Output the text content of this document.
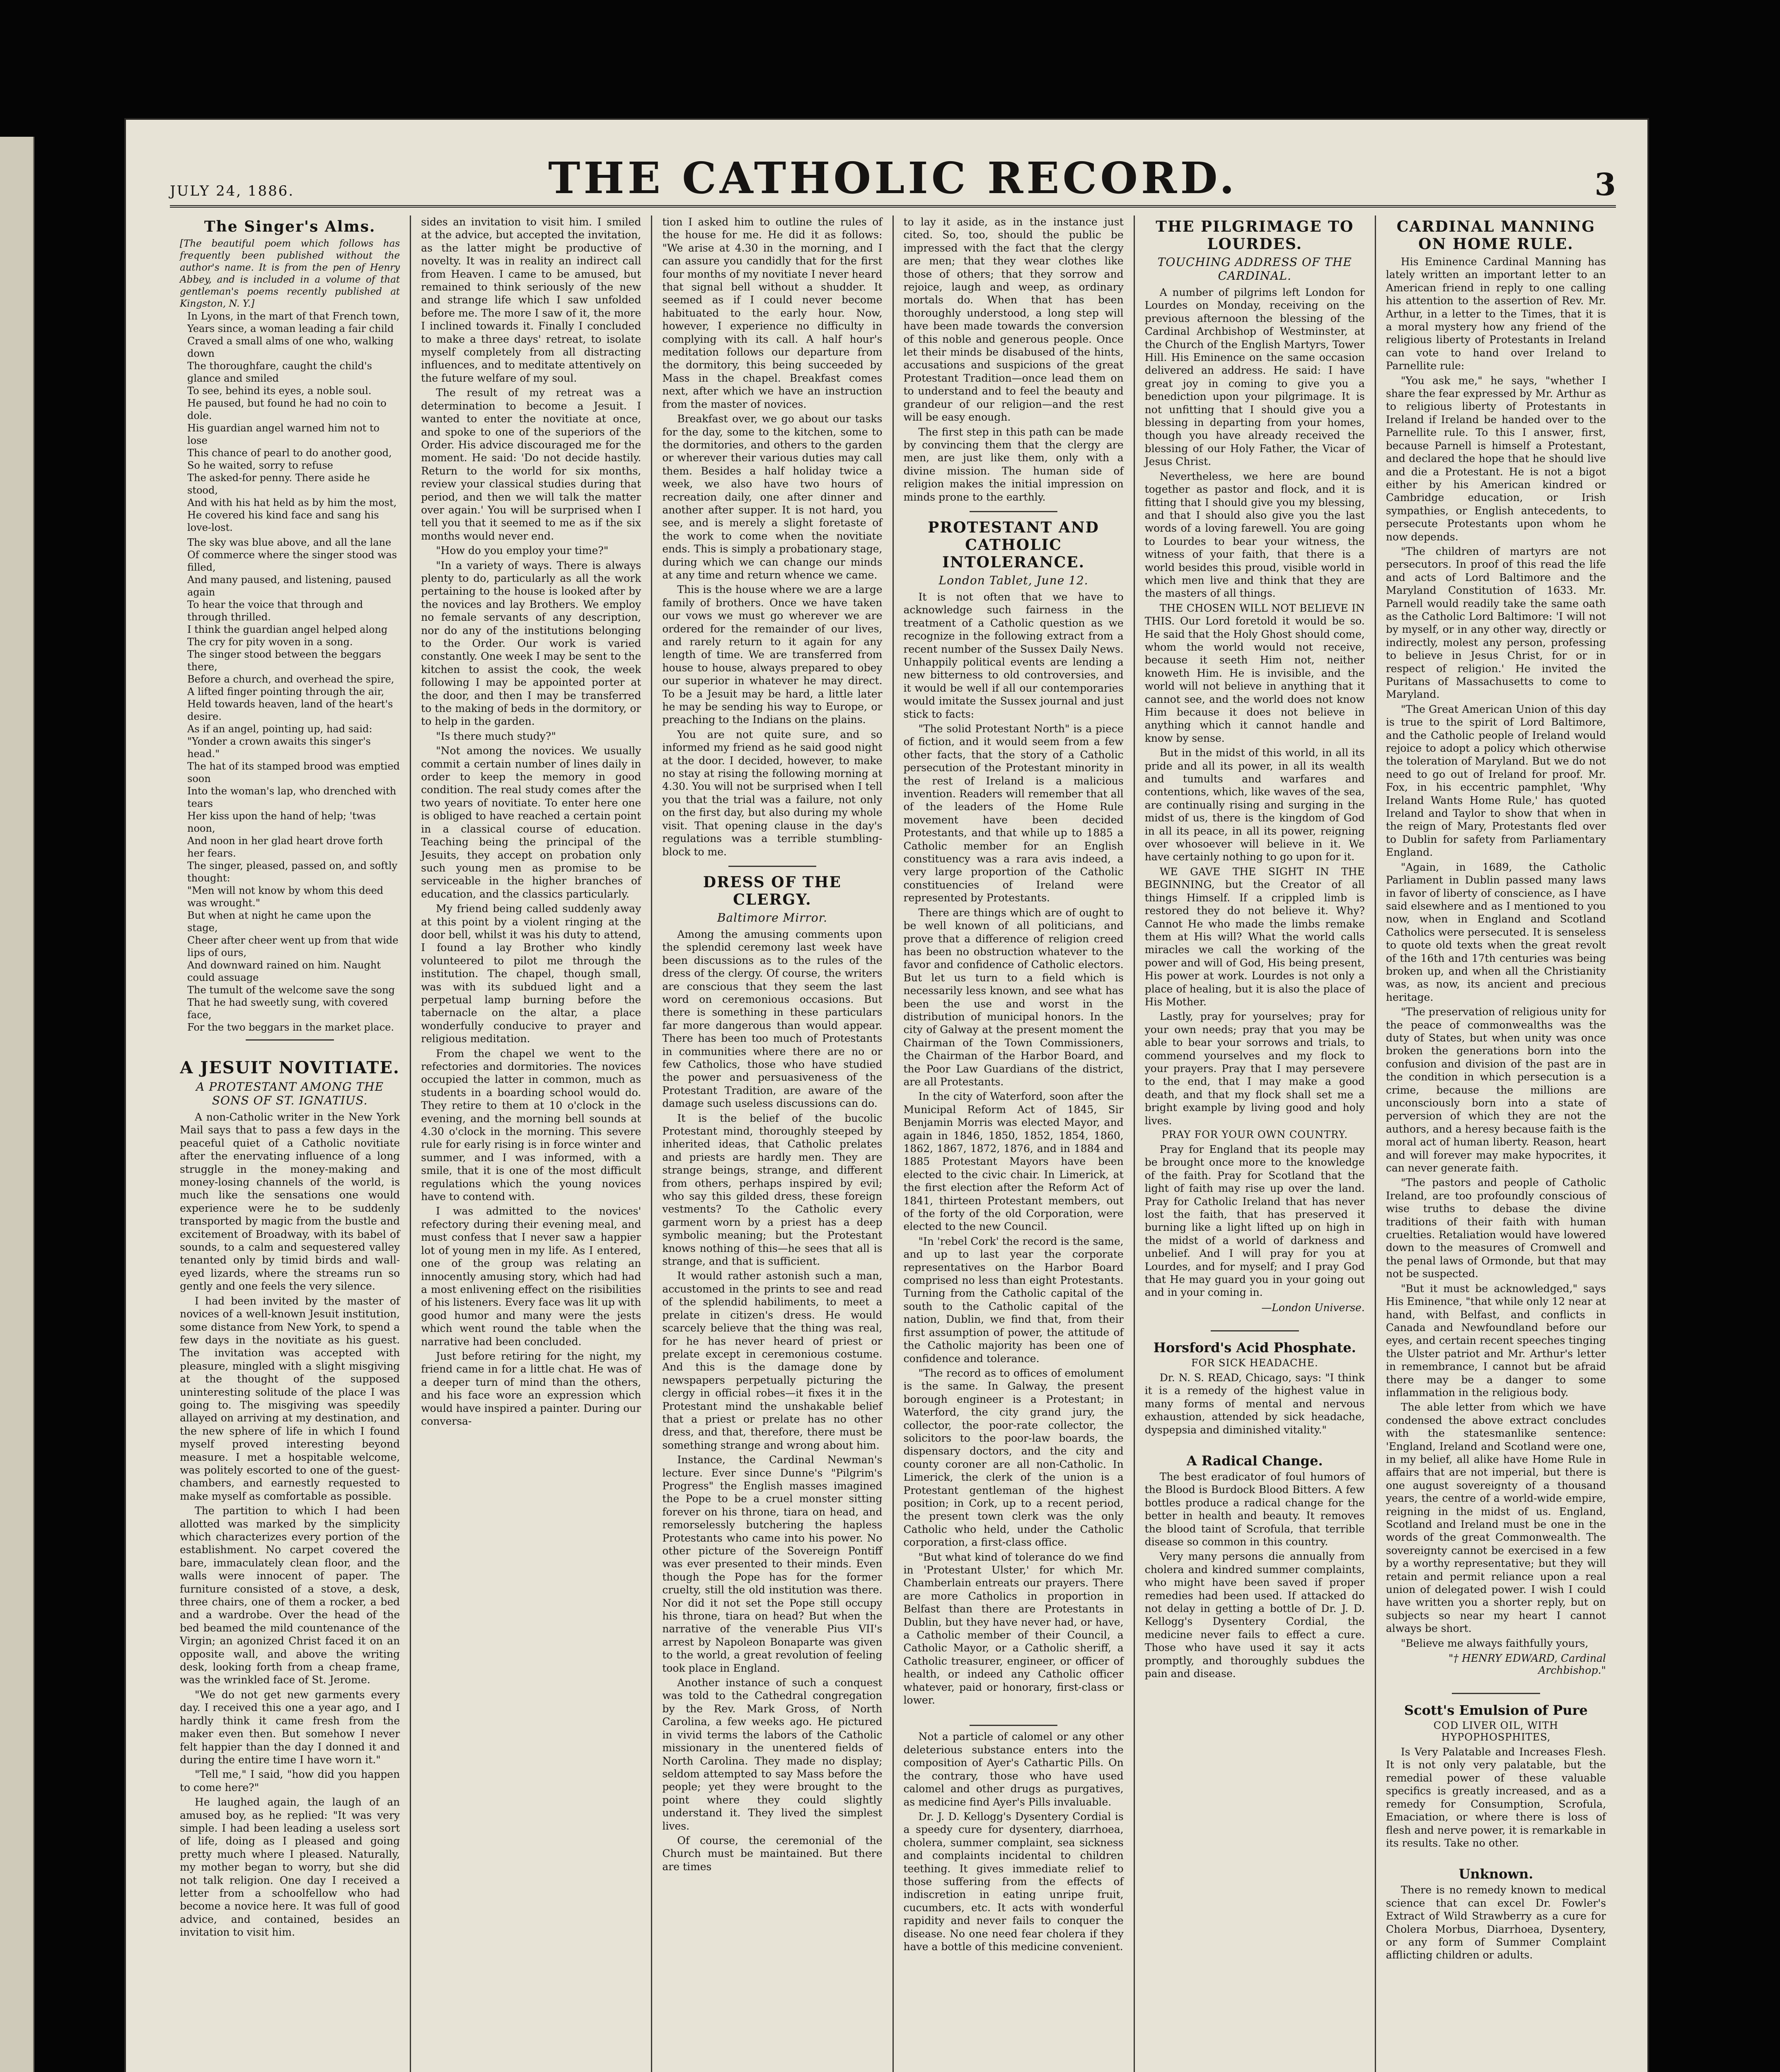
JULY 24, 1886.	THE CATHOLIC RECORD.	3
The Singer's Alms.
[The beautiful poem which follows has frequently been published without the author's name. It is from the pen of Henry Abbey, and is included in a volume of that gentleman's poems recently published at Kingston, N. Y.]
In Lyons, in the mart of that French town,
Years since, a woman leading a fair child
Craved a small alms of one who, walking down
The thoroughfare, caught the child's glance and smiled
To see, behind its eyes, a noble soul.
He paused, but found he had no coin to dole.
His guardian angel warned him not to lose
This chance of pearl to do another good,
So he waited, sorry to refuse
The asked-for penny. There aside he stood,
And with his hat held as by him the most,
He covered his kind face and sang his love-lost.
The sky was blue above, and all the lane
Of commerce where the singer stood was filled,
And many paused, and listening, paused again
To hear the voice that through and through thrilled.
I think the guardian angel helped along
The cry for pity woven in a song.
The singer stood between the beggars there,
Before a church, and overhead the spire,
A lifted finger pointing through the air,
Held towards heaven, land of the heart's desire.
As if an angel, pointing up, had said:
"Yonder a crown awaits this singer's head."
The hat of its stamped brood was emptied soon
Into the woman's lap, who drenched with tears
Her kiss upon the hand of help; 'twas noon,
And noon in her glad heart drove forth her fears.
The singer, pleased, passed on, and softly thought:
"Men will not know by whom this deed was wrought."
But when at night he came upon the stage,
Cheer after cheer went up from that wide lips of ours,
And downward rained on him. Naught could assuage
The tumult of the welcome save the song
That he had sweetly sung, with covered face,
For the two beggars in the market place.
A JESUIT NOVITIATE.
A PROTESTANT AMONG THE SONS OF ST. IGNATIUS.

A non-Catholic writer in the New York Mail says that to pass a few days in the peaceful quiet of a Catholic novitiate after the enervating influence of a long struggle in the money-making and money-losing channels of the world, is much like the sensations one would experience were he to be suddenly transported by magic from the bustle and excitement of Broadway, with its babel of sounds, to a calm and sequestered valley tenanted only by timid birds and wall-eyed lizards, where the streams run so gently and one feels the very silence.

I had been invited by the master of novices of a well-known Jesuit institution, some distance from New York, to spend a few days in the novitiate as his guest. The invitation was accepted with pleasure, mingled with a slight misgiving at the thought of the supposed uninteresting solitude of the place I was going to. The misgiving was speedily allayed on arriving at my destination, and the new sphere of life in which I found myself proved interesting beyond measure. I met a hospitable welcome, was politely escorted to one of the guest-chambers, and earnestly requested to make myself as comfortable as possible.

The partition to which I had been allotted was marked by the simplicity which characterizes every portion of the establishment. No carpet covered the bare, immaculately clean floor, and the walls were innocent of paper. The furniture consisted of a stove, a desk, three chairs, one of them a rocker, a bed and a wardrobe. Over the head of the bed beamed the mild countenance of the Virgin; an agonized Christ faced it on an opposite wall, and above the writing desk, looking forth from a cheap frame, was the wrinkled face of St. Jerome.

"We do not get new garments every day. I received this one a year ago, and I hardly think it came fresh from the maker even then. But somehow I never felt happier than the day I donned it and during the entire time I have worn it."

"Tell me," I said, "how did you happen to come here?"

He laughed again, the laugh of an amused boy, as he replied: "It was very simple. I had been leading a useless sort of life, doing as I pleased and going pretty much where I pleased. Naturally, my mother began to worry, but she did not talk religion. One day I received a letter from a schoolfellow who had become a novice here. It was full of good advice, and contained, besides an invitation to visit him.

sides an invitation to visit him. I smiled at the advice, but accepted the invitation, as the latter might be productive of novelty. It was in reality an indirect call from Heaven. I came to be amused, but remained to think seriously of the new and strange life which I saw unfolded before me. The more I saw of it, the more I inclined towards it. Finally I concluded to make a three days' retreat, to isolate myself completely from all distracting influences, and to meditate attentively on the future welfare of my soul.

The result of my retreat was a determination to become a Jesuit. I wanted to enter the novitiate at once, and spoke to one of the superiors of the Order. His advice discouraged me for the moment. He said: 'Do not decide hastily. Return to the world for six months, review your classical studies during that period, and then we will talk the matter over again.' You will be surprised when I tell you that it seemed to me as if the six months would never end.

"How do you employ your time?"

"In a variety of ways. There is always plenty to do, particularly as all the work pertaining to the house is looked after by the novices and lay Brothers. We employ no female servants of any description, nor do any of the institutions belonging to the Order. Our work is varied constantly. One week I may be sent to the kitchen to assist the cook, the week following I may be appointed porter at the door, and then I may be transferred to the making of beds in the dormitory, or to help in the garden.

"Is there much study?"

"Not among the novices. We usually commit a certain number of lines daily in order to keep the memory in good condition. The real study comes after the two years of novitiate. To enter here one is obliged to have reached a certain point in a classical course of education. Teaching being the principal of the Jesuits, they accept on probation only such young men as promise to be serviceable in the higher branches of education, and the classics particularly.

My friend being called suddenly away at this point by a violent ringing at the door bell, whilst it was his duty to attend, I found a lay Brother who kindly volunteered to pilot me through the institution. The chapel, though small, was with its subdued light and a perpetual lamp burning before the tabernacle on the altar, a place wonderfully conducive to prayer and religious meditation.

From the chapel we went to the refectories and dormitories. The novices occupied the latter in common, much as students in a boarding school would do. They retire to them at 10 o'clock in the evening, and the morning bell sounds at 4.30 o'clock in the morning. This severe rule for early rising is in force winter and summer, and I was informed, with a smile, that it is one of the most difficult regulations which the young novices have to contend with.

I was admitted to the novices' refectory during their evening meal, and must confess that I never saw a happier lot of young men in my life. As I entered, one of the group was relating an innocently amusing story, which had had a most enlivening effect on the risibilities of his listeners. Every face was lit up with good humor and many were the jests which went round the table when the narrative had been concluded.

Just before retiring for the night, my friend came in for a little chat. He was of a deeper turn of mind than the others, and his face wore an expression which would have inspired a painter. During our conversa-

tion I asked him to outline the rules of the house for me. He did it as follows: "We arise at 4.30 in the morning, and I can assure you candidly that for the first four months of my novitiate I never heard that signal bell without a shudder. It seemed as if I could never become habituated to the early hour. Now, however, I experience no difficulty in complying with its call. A half hour's meditation follows our departure from the dormitory, this being succeeded by Mass in the chapel. Breakfast comes next, after which we have an instruction from the master of novices.

Breakfast over, we go about our tasks for the day, some to the kitchen, some to the dormitories, and others to the garden or wherever their various duties may call them. Besides a half holiday twice a week, we also have two hours of recreation daily, one after dinner and another after supper. It is not hard, you see, and is merely a slight foretaste of the work to come when the novitiate ends. This is simply a probationary stage, during which we can change our minds at any time and return whence we came.

This is the house where we are a large family of brothers. Once we have taken our vows we must go wherever we are ordered for the remainder of our lives, and rarely return to it again for any length of time. We are transferred from house to house, always prepared to obey our superior in whatever he may direct. To be a Jesuit may be hard, a little later he may be sending his way to Europe, or preaching to the Indians on the plains.

You are not quite sure, and so informed my friend as he said good night at the door. I decided, however, to make no stay at rising the following morning at 4.30. You will not be surprised when I tell you that the trial was a failure, not only on the first day, but also during my whole visit. That opening clause in the day's regulations was a terrible stumbling-block to me.

DRESS OF THE CLERGY.
Baltimore Mirror.

Among the amusing comments upon the splendid ceremony last week have been discussions as to the rules of the dress of the clergy. Of course, the writers are conscious that they seem the last word on ceremonious occasions. But there is something in these particulars far more dangerous than would appear. There has been too much of Protestants in communities where there are no or few Catholics, those who have studied the power and persuasiveness of the Protestant Tradition, are aware of the damage such useless discussions can do.

It is the belief of the bucolic Protestant mind, thoroughly steeped by inherited ideas, that Catholic prelates and priests are hardly men. They are strange beings, strange, and different from others, perhaps inspired by evil; who say this gilded dress, these foreign vestments? To the Catholic every garment worn by a priest has a deep symbolic meaning; but the Protestant knows nothing of this—he sees that all is strange, and that is sufficient.

It would rather astonish such a man, accustomed in the prints to see and read of the splendid habiliments, to meet a prelate in citizen's dress. He would scarcely believe that the thing was real, for he has never heard of priest or prelate except in ceremonious costume. And this is the damage done by newspapers perpetually picturing the clergy in official robes—it fixes it in the Protestant mind the unshakable belief that a priest or prelate has no other dress, and that, therefore, there must be something strange and wrong about him.

Instance, the Cardinal Newman's lecture. Ever since Dunne's "Pilgrim's Progress" the English masses imagined the Pope to be a cruel monster sitting forever on his throne, tiara on head, and remorselessly butchering the hapless Protestants who came into his power. No other picture of the Sovereign Pontiff was ever presented to their minds. Even though the Pope has for the former cruelty, still the old institution was there. Nor did it not set the Pope still occupy his throne, tiara on head? But when the narrative of the venerable Pius VII's arrest by Napoleon Bonaparte was given to the world, a great revolution of feeling took place in England.

Another instance of such a conquest was told to the Cathedral congregation by the Rev. Mark Gross, of North Carolina, a few weeks ago. He pictured in vivid terms the labors of the Catholic missionary in the unentered fields of North Carolina. They made no display; seldom attempted to say Mass before the people; yet they were brought to the point where they could slightly understand it. They lived the simplest lives.

Of course, the ceremonial of the Church must be maintained. But there are times

to lay it aside, as in the instance just cited. So, too, should the public be impressed with the fact that the clergy are men; that they wear clothes like those of others; that they sorrow and rejoice, laugh and weep, as ordinary mortals do. When that has been thoroughly understood, a long step will have been made towards the conversion of this noble and generous people. Once let their minds be disabused of the hints, accusations and suspicions of the great Protestant Tradition—once lead them on to understand and to feel the beauty and grandeur of our religion—and the rest will be easy enough.

The first step in this path can be made by convincing them that the clergy are men, are just like them, only with a divine mission. The human side of religion makes the initial impression on minds prone to the earthly.

PROTESTANT AND CATHOLIC INTOLERANCE.
London Tablet, June 12.

It is not often that we have to acknowledge such fairness in the treatment of a Catholic question as we recognize in the following extract from a recent number of the Sussex Daily News. Unhappily political events are lending a new bitterness to old controversies, and it would be well if all our contemporaries would imitate the Sussex journal and just stick to facts:

"The solid Protestant North" is a piece of fiction, and it would seem from a few other facts, that the story of a Catholic persecution of the Protestant minority in the rest of Ireland is a malicious invention. Readers will remember that all of the leaders of the Home Rule movement have been decided Protestants, and that while up to 1885 a Catholic member for an English constituency was a rara avis indeed, a very large proportion of the Catholic constituencies of Ireland were represented by Protestants.

There are things which are of ought to be well known of all politicians, and prove that a difference of religion creed has been no obstruction whatever to the favor and confidence of Catholic electors. But let us turn to a field which is necessarily less known, and see what has been the use and worst in the distribution of municipal honors. In the city of Galway at the present moment the Chairman of the Town Commissioners, the Chairman of the Harbor Board, and the Poor Law Guardians of the district, are all Protestants.

In the city of Waterford, soon after the Municipal Reform Act of 1845, Sir Benjamin Morris was elected Mayor, and again in 1846, 1850, 1852, 1854, 1860, 1862, 1867, 1872, 1876, and in 1884 and 1885 Protestant Mayors have been elected to the civic chair. In Limerick, at the first election after the Reform Act of 1841, thirteen Protestant members, out of the forty of the old Corporation, were elected to the new Council.

"In 'rebel Cork' the record is the same, and up to last year the corporate representatives on the Harbor Board comprised no less than eight Protestants. Turning from the Catholic capital of the south to the Catholic capital of the nation, Dublin, we find that, from their first assumption of power, the attitude of the Catholic majority has been one of confidence and tolerance.

"The record as to offices of emolument is the same. In Galway, the present borough engineer is a Protestant; in Waterford, the city grand jury, the collector, the poor-rate collector, the solicitors to the poor-law boards, the dispensary doctors, and the city and county coroner are all non-Catholic. In Limerick, the clerk of the union is a Protestant gentleman of the highest position; in Cork, up to a recent period, the present town clerk was the only Catholic who held, under the Catholic corporation, a first-class office.

"But what kind of tolerance do we find in 'Protestant Ulster,' for which Mr. Chamberlain entreats our prayers. There are more Catholics in proportion in Belfast than there are Protestants in Dublin, but they have never had, or have, a Catholic member of their Council, a Catholic Mayor, or a Catholic sheriff, a Catholic treasurer, engineer, or officer of health, or indeed any Catholic officer whatever, paid or honorary, first-class or lower.

Not a particle of calomel or any other deleterious substance enters into the composition of Ayer's Cathartic Pills. On the contrary, those who have used calomel and other drugs as purgatives, as medicine find Ayer's Pills invaluable.

Dr. J. D. Kellogg's Dysentery Cordial is a speedy cure for dysentery, diarrhoea, cholera, summer complaint, sea sickness and complaints incidental to children teething. It gives immediate relief to those suffering from the effects of indiscretion in eating unripe fruit, cucumbers, etc. It acts with wonderful rapidity and never fails to conquer the disease. No one need fear cholera if they have a bottle of this medicine convenient.

THE PILGRIMAGE TO LOURDES.
TOUCHING ADDRESS OF THE CARDINAL.

A number of pilgrims left London for Lourdes on Monday, receiving on the previous afternoon the blessing of the Cardinal Archbishop of Westminster, at the Church of the English Martyrs, Tower Hill. His Eminence on the same occasion delivered an address. He said: I have great joy in coming to give you a benediction upon your pilgrimage. It is not unfitting that I should give you a blessing in departing from your homes, though you have already received the blessing of our Holy Father, the Vicar of Jesus Christ.

Nevertheless, we here are bound together as pastor and flock, and it is fitting that I should give you my blessing, and that I should also give you the last words of a loving farewell. You are going to Lourdes to bear your witness, the witness of your faith, that there is a world besides this proud, visible world in which men live and think that they are the masters of all things.

THE CHOSEN WILL NOT BELIEVE IN THIS. Our Lord foretold it would be so. He said that the Holy Ghost should come, whom the world would not receive, because it seeth Him not, neither knoweth Him. He is invisible, and the world will not believe in anything that it cannot see, and the world does not know Him because it does not believe in anything which it cannot handle and know by sense.

But in the midst of this world, in all its pride and all its power, in all its wealth and tumults and warfares and contentions, which, like waves of the sea, are continually rising and surging in the midst of us, there is the kingdom of God in all its peace, in all its power, reigning over whosoever will believe in it. We have certainly nothing to go upon for it.

WE GAVE THE SIGHT IN THE BEGINNING, but the Creator of all things Himself. If a crippled limb is restored they do not believe it. Why? Cannot He who made the limbs remake them at His will? What the world calls miracles we call the working of the power and will of God, His being present, His power at work. Lourdes is not only a place of healing, but it is also the place of His Mother.

Lastly, pray for yourselves; pray for your own needs; pray that you may be able to bear your sorrows and trials, to commend yourselves and my flock to your prayers. Pray that I may persevere to the end, that I may make a good death, and that my flock shall set me a bright example by living good and holy lives.

PRAY FOR YOUR OWN COUNTRY.

Pray for England that its people may be brought once more to the knowledge of the faith. Pray for Scotland that the light of faith may rise up over the land. Pray for Catholic Ireland that has never lost the faith, that has preserved it burning like a light lifted up on high in the midst of a world of darkness and unbelief. And I will pray for you at Lourdes, and for myself; and I pray God that He may guard you in your going out and in your coming in.

—London Universe.
Horsford's Acid Phosphate.
FOR SICK HEADACHE.

Dr. N. S. READ, Chicago, says: "I think it is a remedy of the highest value in many forms of mental and nervous exhaustion, attended by sick headache, dyspepsia and diminished vitality."

A Radical Change.

The best eradicator of foul humors of the Blood is Burdock Blood Bitters. A few bottles produce a radical change for the better in health and beauty. It removes the blood taint of Scrofula, that terrible disease so common in this country.

Very many persons die annually from cholera and kindred summer complaints, who might have been saved if proper remedies had been used. If attacked do not delay in getting a bottle of Dr. J. D. Kellogg's Dysentery Cordial, the medicine never fails to effect a cure. Those who have used it say it acts promptly, and thoroughly subdues the pain and disease.

CARDINAL MANNING ON HOME RULE.

His Eminence Cardinal Manning has lately written an important letter to an American friend in reply to one calling his attention to the assertion of Rev. Mr. Arthur, in a letter to the Times, that it is a moral mystery how any friend of the religious liberty of Protestants in Ireland can vote to hand over Ireland to Parnellite rule:

"You ask me," he says, "whether I share the fear expressed by Mr. Arthur as to religious liberty of Protestants in Ireland if Ireland be handed over to the Parnellite rule. To this I answer, first, because Parnell is himself a Protestant, and declared the hope that he should live and die a Protestant. He is not a bigot either by his American kindred or Cambridge education, or Irish sympathies, or English antecedents, to persecute Protestants upon whom he now depends.

"The children of martyrs are not persecutors. In proof of this read the life and acts of Lord Baltimore and the Maryland Constitution of 1633. Mr. Parnell would readily take the same oath as the Catholic Lord Baltimore: 'I will not by myself, or in any other way, directly or indirectly, molest any person, professing to believe in Jesus Christ, for or in respect of religion.' He invited the Puritans of Massachusetts to come to Maryland.

"The Great American Union of this day is true to the spirit of Lord Baltimore, and the Catholic people of Ireland would rejoice to adopt a policy which otherwise the toleration of Maryland. But we do not need to go out of Ireland for proof. Mr. Fox, in his eccentric pamphlet, 'Why Ireland Wants Home Rule,' has quoted Ireland and Taylor to show that when in the reign of Mary, Protestants fled over to Dublin for safety from Parliamentary England.

"Again, in 1689, the Catholic Parliament in Dublin passed many laws in favor of liberty of conscience, as I have said elsewhere and as I mentioned to you now, when in England and Scotland Catholics were persecuted. It is senseless to quote old texts when the great revolt of the 16th and 17th centuries was being broken up, and when all the Christianity was, as now, its ancient and precious heritage.

"The preservation of religious unity for the peace of commonwealths was the duty of States, but when unity was once broken the generations born into the confusion and division of the past are in the condition in which persecution is a crime, because the millions are unconsciously born into a state of perversion of which they are not the authors, and a heresy because faith is the moral act of human liberty. Reason, heart and will forever may make hypocrites, it can never generate faith.

"The pastors and people of Catholic Ireland, are too profoundly conscious of wise truths to debase the divine traditions of their faith with human cruelties. Retaliation would have lowered down to the measures of Cromwell and the penal laws of Ormonde, but that may not be suspected.

"But it must be acknowledged," says His Eminence, "that while only 12 near at hand, with Belfast, and conflicts in Canada and Newfoundland before our eyes, and certain recent speeches tinging the Ulster patriot and Mr. Arthur's letter in remembrance, I cannot but be afraid there may be a danger to some inflammation in the religious body.

The able letter from which we have condensed the above extract concludes with the statesmanlike sentence: 'England, Ireland and Scotland were one, in my belief, all alike have Home Rule in affairs that are not imperial, but there is one august sovereignty of a thousand years, the centre of a world-wide empire, reigning in the midst of us. England, Scotland and Ireland must be one in the words of the great Commonwealth. The sovereignty cannot be exercised in a few by a worthy representative; but they will retain and permit reliance upon a real union of delegated power. I wish I could have written you a shorter reply, but on subjects so near my heart I cannot always be short.

"Believe me always faithfully yours,

"† HENRY EDWARD, Cardinal Archbishop."
Scott's Emulsion of Pure
COD LIVER OIL, WITH HYPOPHOSPHITES,

Is Very Palatable and Increases Flesh. It is not only very palatable, but the remedial power of these valuable specifics is greatly increased, and as a remedy for Consumption, Scrofula, Emaciation, or where there is loss of flesh and nerve power, it is remarkable in its results. Take no other.

Unknown.

There is no remedy known to medical science that can excel Dr. Fowler's Extract of Wild Strawberry as a cure for Cholera Morbus, Diarrhoea, Dysentery, or any form of Summer Complaint afflicting children or adults.
